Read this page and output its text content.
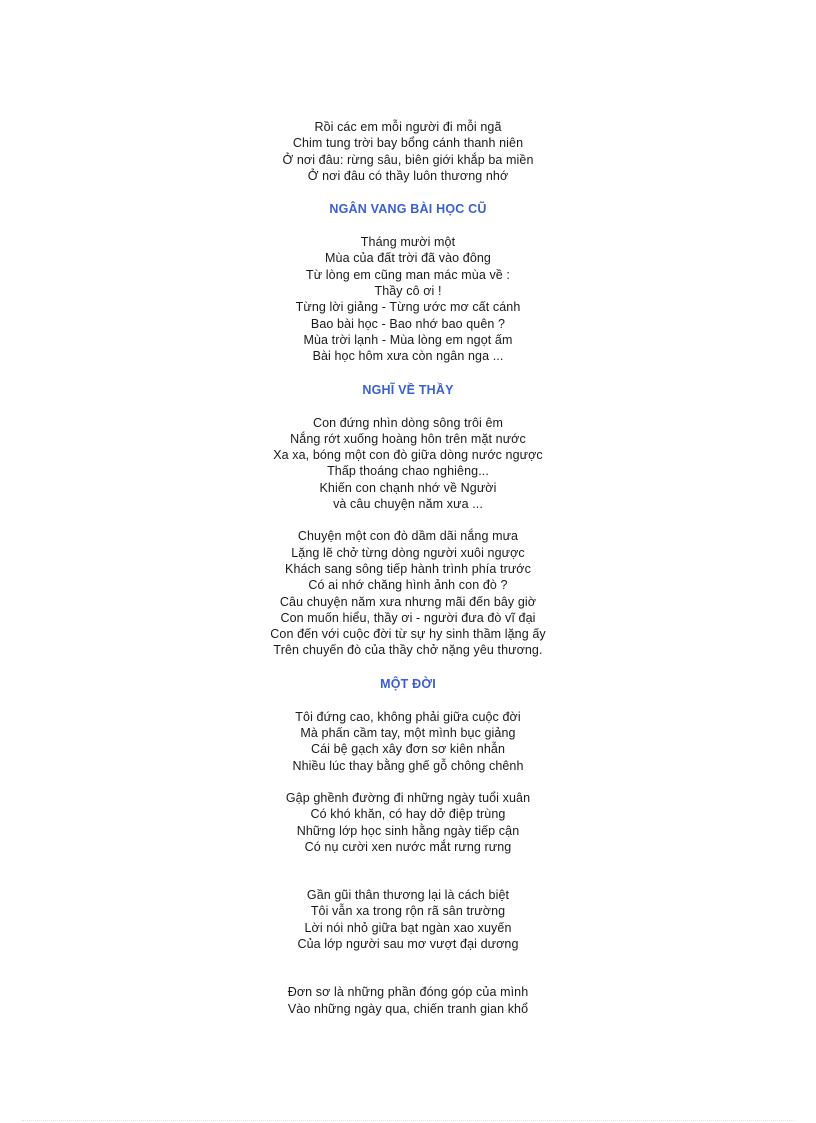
Rồi các em mỗi người đi mỗi ngã
Chim tung trời bay bổng cánh thanh niên
Ở nơi đâu: rừng sâu, biên giới khắp ba miền
Ở nơi đâu có thầy luôn thương nhớ
NGÂN VANG BÀI HỌC CŨ
Tháng mười một
Mùa của đất trời đã vào đông
Từ lòng em cũng man mác mùa về :
Thầy cô ơi !
Từng lời giảng - Từng ước mơ cất cánh
Bao bài học - Bao nhớ bao quên ?
Mùa trời lạnh - Mùa lòng em ngọt ấm
Bài học hôm xưa còn ngân nga ...
NGHĨ VỀ THẦY
Con đứng nhìn dòng sông trôi êm
Nắng rớt xuống hoàng hôn trên mặt nước
Xa xa, bóng một con đò giữa dòng nước ngược
Thấp thoáng chao nghiêng...
Khiến con chạnh nhớ về Người
và câu chuyện năm xưa ...
Chuyện một con đò dầm dãi nắng mưa
Lặng lẽ chở từng dòng người xuôi ngược
Khách sang sông tiếp hành trình phía trước
Có ai nhớ chăng hình ảnh con đò ?
Câu chuyện năm xưa nhưng mãi đến bây giờ
Con muốn hiểu, thầy ơi - người đưa đò vĩ đại
Con đến với cuộc đời từ sự hy sinh thầm lặng ấy
Trên chuyến đò của thầy chở nặng yêu thương.
MỘT ĐỜI
Tôi đứng cao, không phải giữa cuộc đời
Mà phấn cầm tay, một mình bục giảng
Cái bệ gạch xây đơn sơ kiên nhẫn
Nhiều lúc thay bằng ghế gỗ chông chênh
Gập ghềnh đường đi những ngày tuổi xuân
Có khó khăn, có hay dở điệp trùng
Những lớp học sinh hằng ngày tiếp cận
Có nụ cười xen nước mắt rưng rưng
Gần gũi thân thương lại là cách biệt
Tôi vẫn xa trong rộn rã sân trường
Lời nói nhỏ giữa bạt ngàn xao xuyến
Của lớp người sau mơ vượt đại dương
Đơn sơ là những phần đóng góp của mình
Vào những ngày qua, chiến tranh gian khổ
